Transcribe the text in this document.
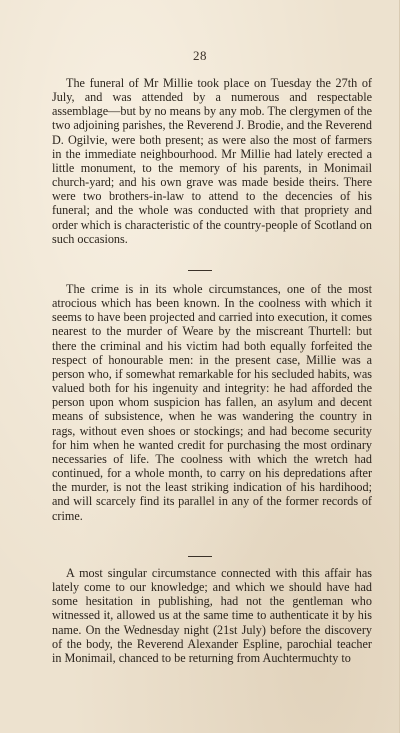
28

The funeral of Mr Millie took place on Tuesday the 27th of July, and was attended by a numerous and respectable assemblage—but by no means by any mob. The clergymen of the two adjoining parishes, the Reverend J. Brodie, and the Reverend D. Ogilvie, were both present; as were also the most of farmers in the immediate neighbourhood. Mr Millie had lately erected a little monument, to the memory of his parents, in Monimail church-yard; and his own grave was made beside theirs. There were two brothers-in-law to attend to the decencies of his funeral; and the whole was conducted with that propriety and order which is characteristic of the country-people of Scotland on such occasions.

The crime is in its whole circumstances, one of the most atrocious which has been known. In the coolness with which it seems to have been projected and carried into execution, it comes nearest to the murder of Weare by the miscreant Thurtell: but there the criminal and his victim had both equally forfeited the respect of honourable men: in the present case, Millie was a person who, if somewhat remarkable for his secluded habits, was valued both for his ingenuity and integrity: he had afforded the person upon whom suspicion has fallen, an asylum and decent means of subsistence, when he was wandering the country in rags, without even shoes or stockings; and had become security for him when he wanted credit for purchasing the most ordinary necessaries of life. The coolness with which the wretch had continued, for a whole month, to carry on his depredations after the murder, is not the least striking indication of his hardihood; and will scarcely find its parallel in any of the former records of crime.

A most singular circumstance connected with this affair has lately come to our knowledge; and which we should have had some hesitation in publishing, had not the gentleman who witnessed it, allowed us at the same time to authenticate it by his name. On the Wednesday night (21st July) before the discovery of the body, the Reverend Alexander Espline, parochial teacher in Monimail, chanced to be returning from Auchtermuchty to
